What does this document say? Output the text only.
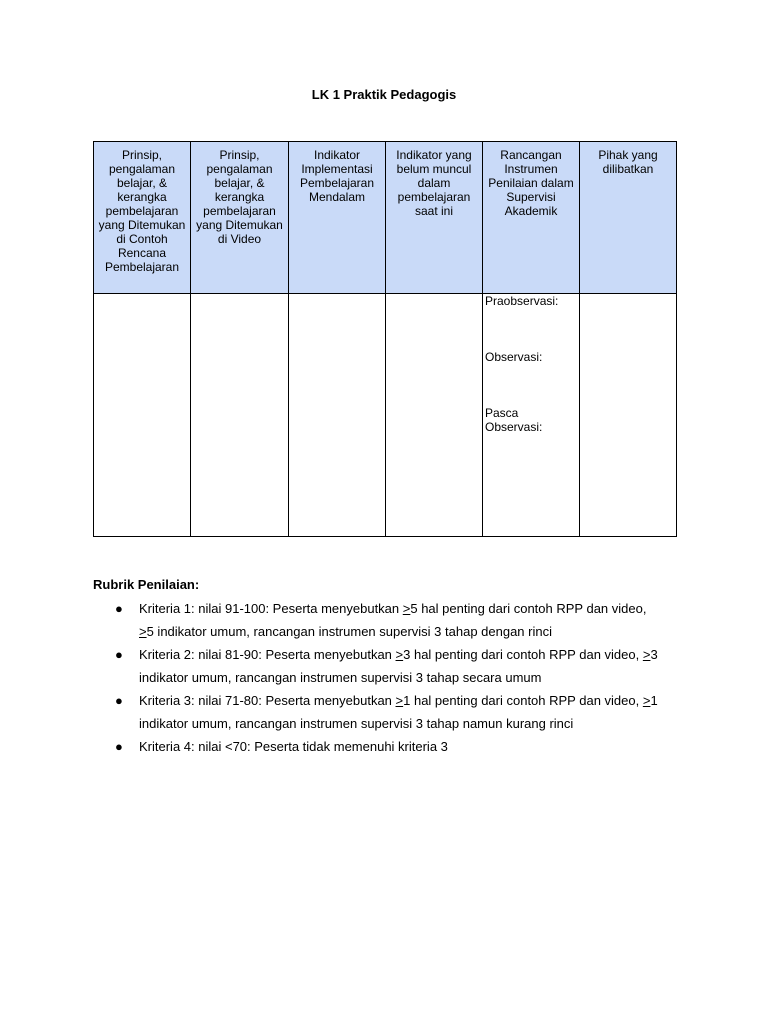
LK 1 Praktik Pedagogis
Prinsip, pengalaman belajar, & kerangka pembelajaran yang Ditemukan di Contoh Rencana Pembelajaran	Prinsip, pengalaman belajar, & kerangka pembelajaran yang Ditemukan di Video	Indikator Implementasi Pembelajaran Mendalam	Indikator yang belum muncul dalam pembelajaran saat ini	Rancangan Instrumen Penilaian dalam Supervisi Akademik	Pihak yang dilibatkan

				Praobservasi:

Observasi:

Pasca Observasi:	

Rubrik Penilaian:
● Kriteria 1: nilai 91-100: Peserta menyebutkan >5 hal penting dari contoh RPP dan video, >5 indikator umum, rancangan instrumen supervisi 3 tahap dengan rinci
● Kriteria 2: nilai 81-90: Peserta menyebutkan >3 hal penting dari contoh RPP dan video, >3 indikator umum, rancangan instrumen supervisi 3 tahap secara umum
● Kriteria 3: nilai 71-80: Peserta menyebutkan >1 hal penting dari contoh RPP dan video, >1 indikator umum, rancangan instrumen supervisi 3 tahap namun kurang rinci
● Kriteria 4: nilai <70: Peserta tidak memenuhi kriteria 3
